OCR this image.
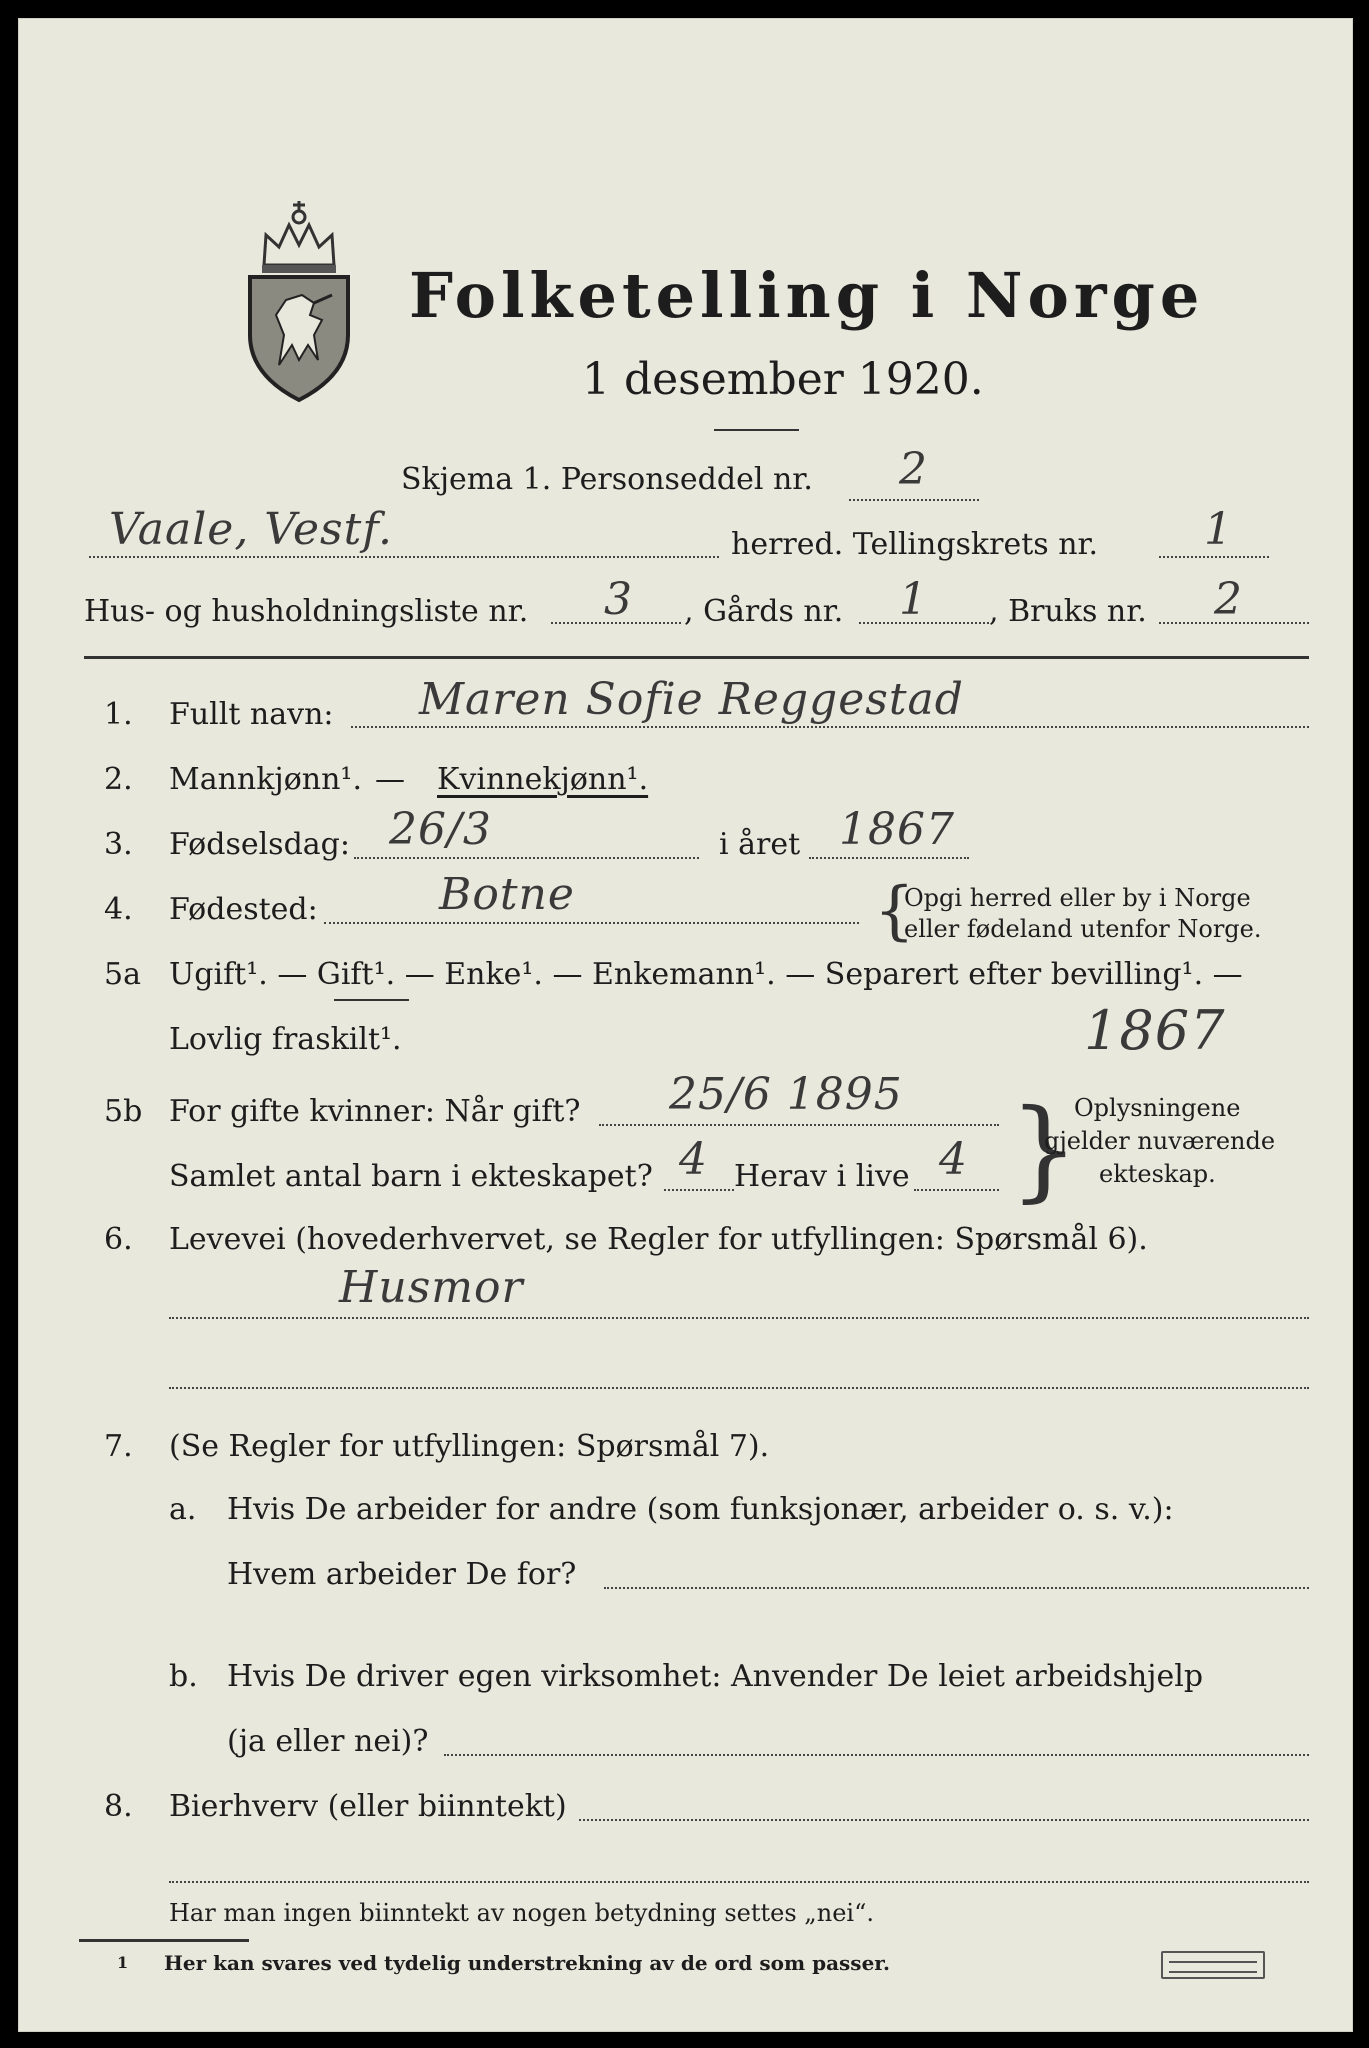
Folketelling i Norge
1 desember 1920.
Skjema 1. Personseddel nr. 2
Vaale, Vestf.	herred. Tellingskrets nr. 1
Hus- og husholdningsliste nr. 3 , Gårds nr. 1 , Bruks nr. 2
1. Fullt navn: Maren Sofie Reggestad
2. Mannkjønn¹. — Kvinnekjønn¹.
3. Fødselsdag: 26/3	i året 1867
4. Fødested:	Botne	{
Opgi herred eller by i Norge
eller fødeland utenfor Norge.
5a Ugift¹. — Gift¹. — Enke¹. — Enkemann¹. — Separert efter bevilling¹. —
Lovlig fraskilt¹.	1867
5b For gifte kvinner: Når gift? 25/6 1895
Samlet antal barn i ekteskapet? 4 Herav i live 4 }
Oplysningene
gjelder nuværende
ekteskap.
6. Levevei (hovederhvervet, se Regler for utfyllingen: Spørsmål 6).
Husmor
7. (Se Regler for utfyllingen: Spørsmål 7).
a. Hvis De arbeider for andre (som funksjonær, arbeider o. s. v.):
Hvem arbeider De for?
b. Hvis De driver egen virksomhet: Anvender De leiet arbeidshjelp
(ja eller nei)?
8. Bierhverv (eller biinntekt)
Har man ingen biinntekt av nogen betydning settes „nei“.
1 Her kan svares ved tydelig understrekning av de ord som passer.
